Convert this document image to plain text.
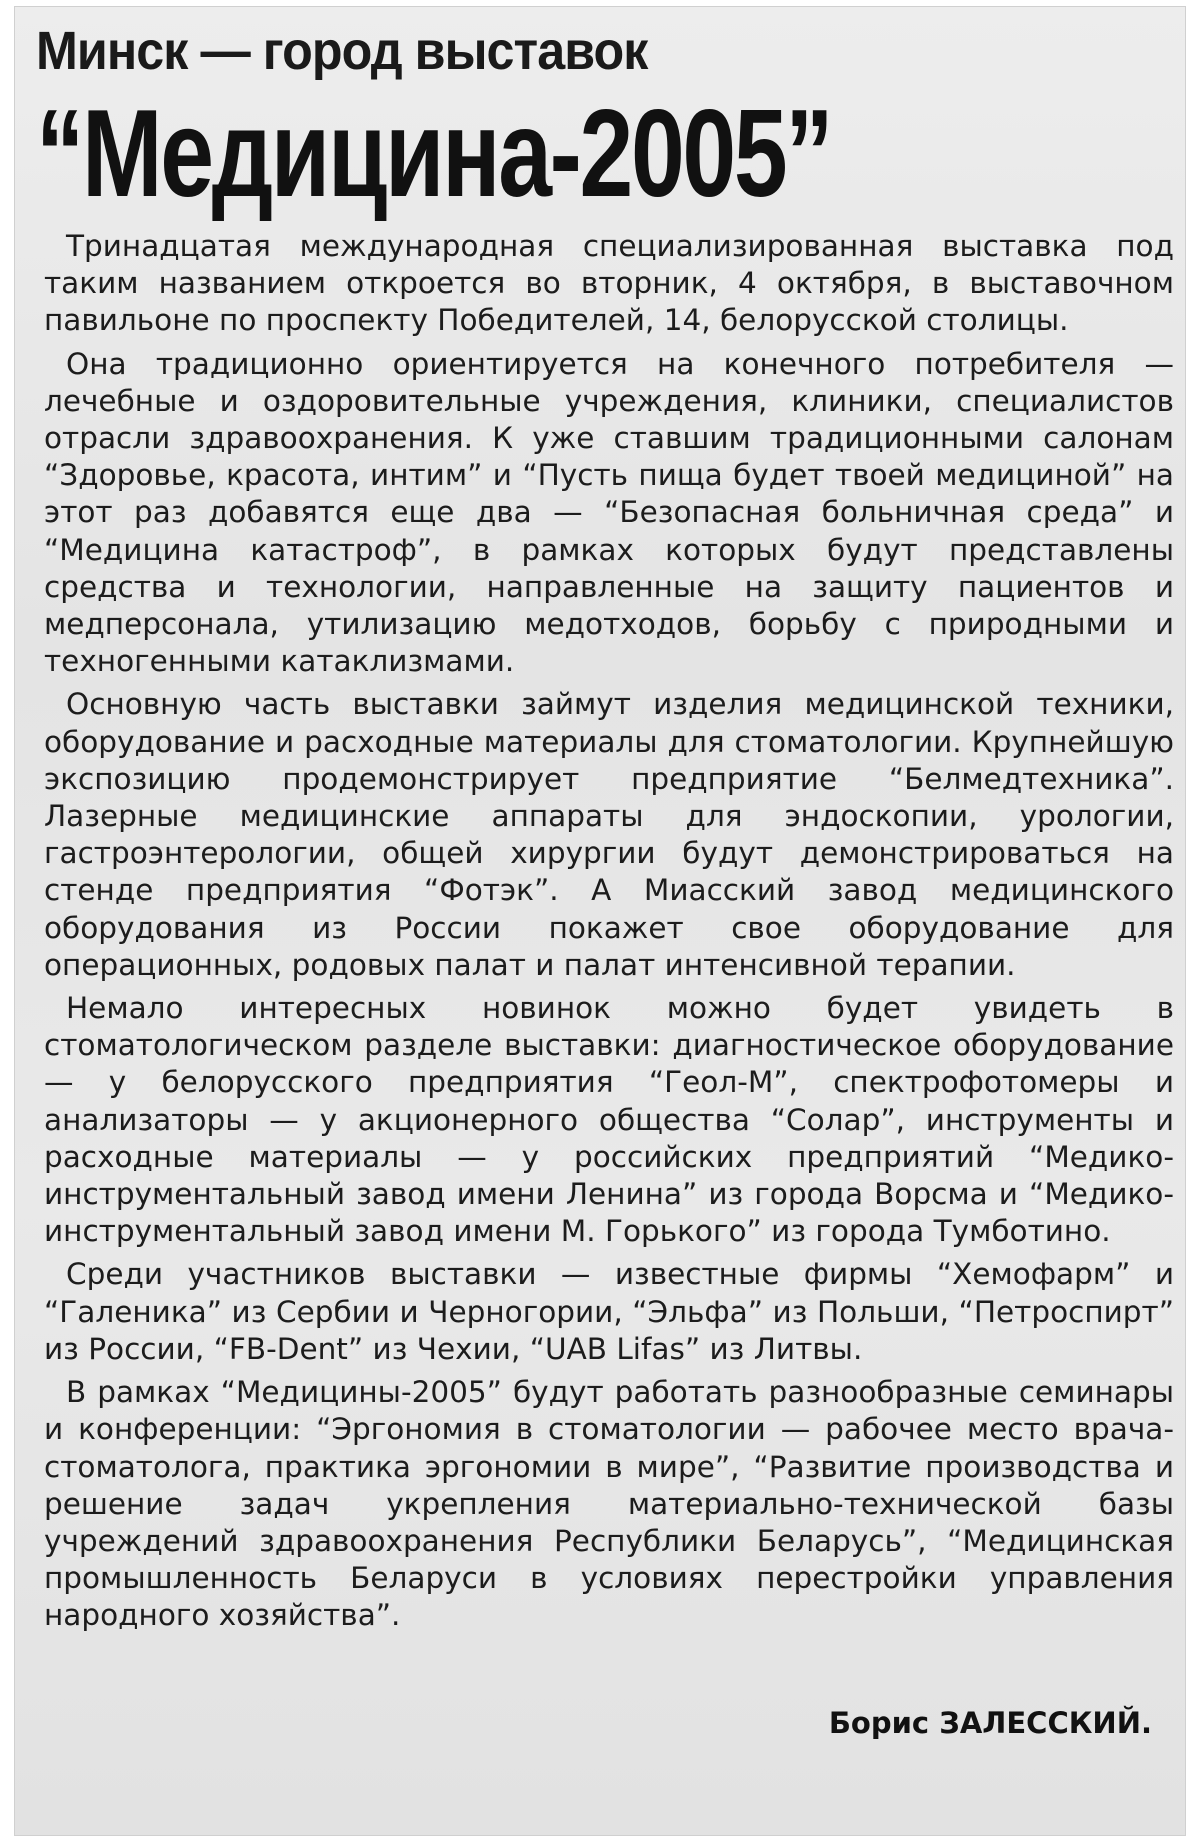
Минск — город выставок
“Медицина-2005”

Тринадцатая международная специализированная выставка под таким названием откроется во вторник, 4 октября, в выставочном павильоне по проспекту Победителей, 14, белорусской столицы.

Она традиционно ориентируется на конечного потребителя — лечебные и оздоровительные учреждения, клиники, специалистов отрасли здравоохранения. К уже ставшим традиционными салонам “Здоровье, красота, интим” и “Пусть пища будет твоей медициной” на этот раз добавятся еще два — “Безопасная больничная среда” и “Медицина катастроф”, в рамках которых будут представлены средства и технологии, направленные на защиту пациентов и медперсонала, утилизацию медотходов, борьбу с природными и техногенными катаклизмами.

Основную часть выставки займут изделия медицинской техники, оборудование и расходные материалы для стоматологии. Крупнейшую экспозицию продемонстрирует предприятие “Белмедтехника”. Лазерные медицинские аппараты для эндоскопии, урологии, гастроэнтерологии, общей хирургии будут демонстрироваться на стенде предприятия “Фотэк”. А Миасский завод медицинского оборудования из России покажет свое оборудование для операционных, родовых палат и палат интенсивной терапии.

Немало интересных новинок можно будет увидеть в стоматологическом разделе выставки: диагностическое оборудование — у белорусского предприятия “Геол-М”, спектрофотомеры и анализаторы — у акционерного общества “Солар”, инструменты и расходные материалы — у российских предприятий “Медико-инструментальный завод имени Ленина” из города Ворсма и “Медико-инструментальный завод имени М. Горького” из города Тумботино.

Среди участников выставки — известные фирмы “Хемофарм” и “Галеника” из Сербии и Черногории, “Эльфа” из Польши, “Петроспирт” из России, “FB-Dent” из Чехии, “UAB Lifas” из Литвы.

В рамках “Медицины-2005” будут работать разнообразные семинары и конференции: “Эргономия в стоматологии — рабочее место врача-стоматолога, практика эргономии в мире”, “Развитие производства и решение задач укрепления материально-технической базы учреждений здравоохранения Республики Беларусь”, “Медицинская промышленность Беларуси в условиях перестройки управления народного хозяйства”.

Борис ЗАЛЕССКИЙ.
